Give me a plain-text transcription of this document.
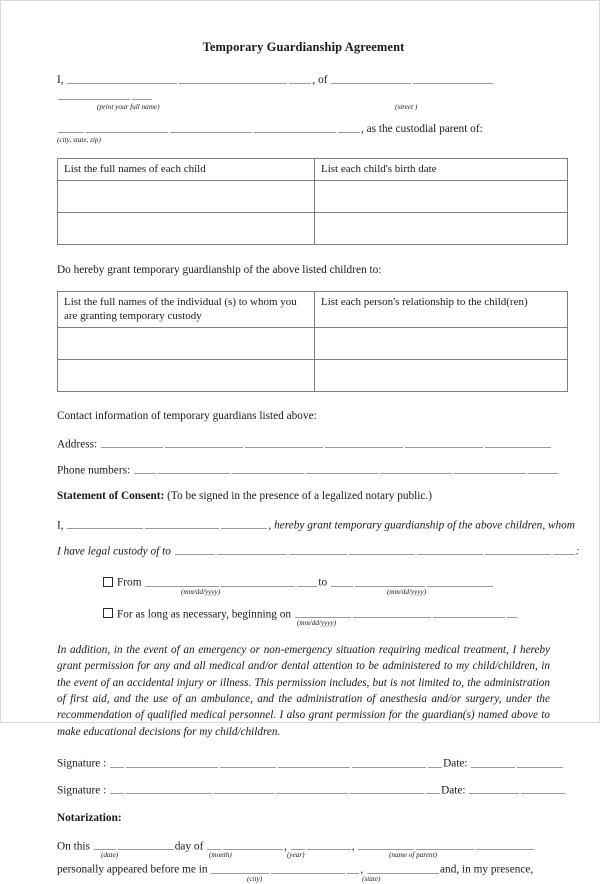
Temporary Guardianship Agreement
I,	, of
(print your full name)	(street )
, as the custodial parent of:
(city, state, zip)
List the full names of each child	List each child's birth date

Do hereby grant temporary guardianship of the above listed children to:
List the full names of the individual (s) to whom you are granting temporary custody	List each person's relationship to the child(ren)

Contact information of temporary guardians listed above:
Address:
Phone numbers:
Statement of Consent: (To be signed in the presence of a legalized notary public.)
I,	, hereby grant temporary guardianship of the above children, whom
I have legal custody of to	:
From	to
(mm/dd/yyyy)	(mm/dd/yyyy)
For as long as necessary, beginning on
(mm/dd/yyyy)
In addition, in the event of an emergency or non-emergency situation requiring medical treatment, I hereby grant permission for any and all medical and/or dental attention to be administered to my child/children, in the event of an accidental injury or illness. This permission includes, but is not limited to, the administration of first aid, and the use of an ambulance, and the administration of anesthesia and/or surgery, under the recommendation of qualified medical personnel. I also grant permission for the guardian(s) named above to make educational decisions for my child/children.
Signature :	Date:
Signature :	Date:
Notarization:
On this	day of	,	,
(date)	(month)	(year)	(name of parent)
personally appeared before me in	,	and, in my presence,
(city)	(state)
